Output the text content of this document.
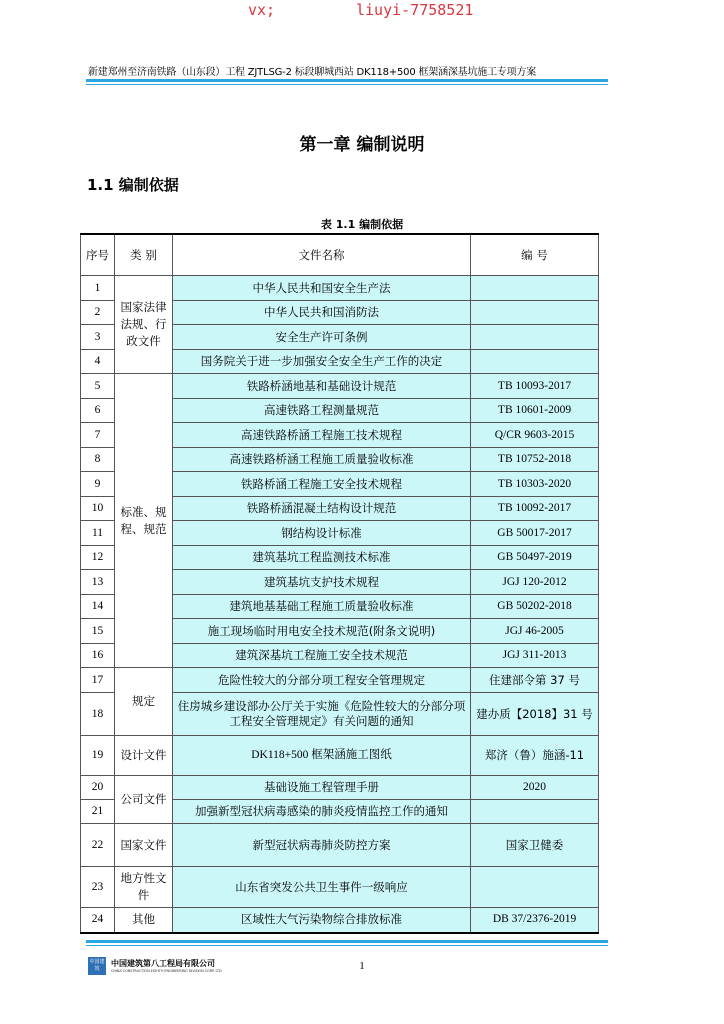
vx;	liuyi-7758521
新建郑州至济南铁路（山东段）工程 ZJTLSG-2 标段聊城西站 DK118+500 框架涵深基坑施工专项方案
第一章 编制说明
1.1 编制依据
表 1.1 编制依据
序号	类 别	文件名称	编 号
1	国家法律法规、行政文件	中华人民共和国安全生产法	
2		中华人民共和国消防法	
3		安全生产许可条例	
4		国务院关于进一步加强安全安全生产工作的决定	
5	标准、规程、规范	铁路桥涵地基和基础设计规范	TB 10093-2017
6		高速铁路工程测量规范	TB 10601-2009
7		高速铁路桥涵工程施工技术规程	Q/CR 9603-2015
8		高速铁路桥涵工程施工质量验收标准	TB 10752-2018
9		铁路桥涵工程施工安全技术规程	TB 10303-2020
10		铁路桥涵混凝土结构设计规范	TB 10092-2017
11		钢结构设计标准	GB 50017-2017
12		建筑基坑工程监测技术标准	GB 50497-2019
13		建筑基坑支护技术规程	JGJ 120-2012
14		建筑地基基础工程施工质量验收标准	GB 50202-2018
15		施工现场临时用电安全技术规范(附条文说明)	JGJ 46-2005
16		建筑深基坑工程施工安全技术规范	JGJ 311-2013
17	规定	危险性较大的分部分项工程安全管理规定	住建部令第 37 号
18		住房城乡建设部办公厅关于实施《危险性较大的分部分项工程安全管理规定》有关问题的通知	建办质【2018】31 号
19	设计文件	DK118+500 框架涵施工图纸	郑济（鲁）施涵-11
20	公司文件	基础设施工程管理手册	2020
21		加强新型冠状病毒感染的肺炎疫情监控工作的通知	
22	国家文件	新型冠状病毒肺炎防控方案	国家卫健委
23	地方性文件	山东省突发公共卫生事件一级响应	
24	其他	区域性大气污染物综合排放标准	DB 37/2376-2019
中国建筑
中国建筑第八工程局有限公司
CHINA CONSTRUCTION EIGHTH ENGINEERING DIVISION CORP. LTD	1
